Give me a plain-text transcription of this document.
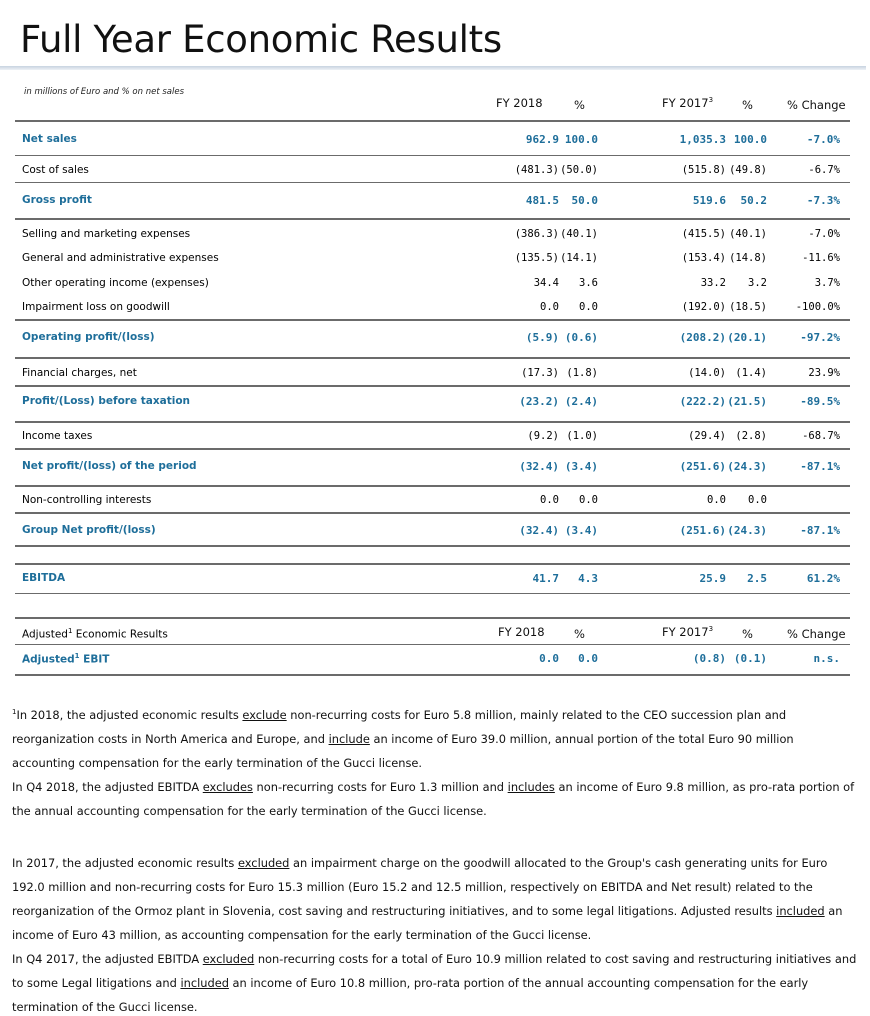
Full Year Economic Results
in millions of Euro and % on net sales
FY 2018	%	FY 2017$^3$	%	% Change
Net sales	962.9 100.0	1,035.3 100.0	-7.0%
Cost of sales	(481.3) (50.0)	(515.8) (49.8)	-6.7%
Gross profit	481.5 50.0	519.6 50.2	-7.3%
Selling and marketing expenses	(386.3) (40.1)	(415.5) (40.1)	-7.0%
General and administrative expenses	(135.5) (14.1)	(153.4) (14.8)	-11.6%
Other operating income (expenses)	34.4 3.6	33.2 3.2	3.7%
Impairment loss on goodwill	0.0 0.0	(192.0) (18.5)	-100.0%
Operating profit/(loss)	(5.9) (0.6)	(208.2) (20.1)	-97.2%
Financial charges, net	(17.3) (1.8)	(14.0) (1.4)	23.9%
Profit/(Loss) before taxation	(23.2) (2.4)	(222.2) (21.5)	-89.5%
Income taxes	(9.2) (1.0)	(29.4) (2.8)	-68.7%
Net profit/(loss) of the period	(32.4) (3.4)	(251.6) (24.3)	-87.1%
Non-controlling interests	0.0 0.0	0.0 0.0
Group Net profit/(loss)	(32.4) (3.4)	(251.6) (24.3)	-87.1%
EBITDA	41.7 4.3	25.9 2.5	61.2%
Adjusted$^1$ Economic Results	FY 2018	%	FY 2017$^3$	%	% Change
Adjusted$^1$ EBIT	0.0 0.0	(0.8) (0.1)	n.s.

$^1$In 2018, the adjusted economic results exclude non-recurring costs for Euro 5.8 million, mainly related to the CEO succession plan and reorganization costs in North America and Europe, and include an income of Euro 39.0 million, annual portion of the total Euro 90 million accounting compensation for the early termination of the Gucci license.

In Q4 2018, the adjusted EBITDA excludes non-recurring costs for Euro 1.3 million and includes an income of Euro 9.8 million, as pro-rata portion of the annual accounting compensation for the early termination of the Gucci license.

In 2017, the adjusted economic results excluded an impairment charge on the goodwill allocated to the Group's cash generating units for Euro 192.0 million and non-recurring costs for Euro 15.3 million (Euro 15.2 and 12.5 million, respectively on EBITDA and Net result) related to the reorganization of the Ormoz plant in Slovenia, cost saving and restructuring initiatives, and to some legal litigations. Adjusted results included an income of Euro 43 million, as accounting compensation for the early termination of the Gucci license.

In Q4 2017, the adjusted EBITDA excluded non-recurring costs for a total of Euro 10.9 million related to cost saving and restructuring initiatives and to some Legal litigations and included an income of Euro 10.8 million, pro-rata portion of the annual accounting compensation for the early termination of the Gucci license.
